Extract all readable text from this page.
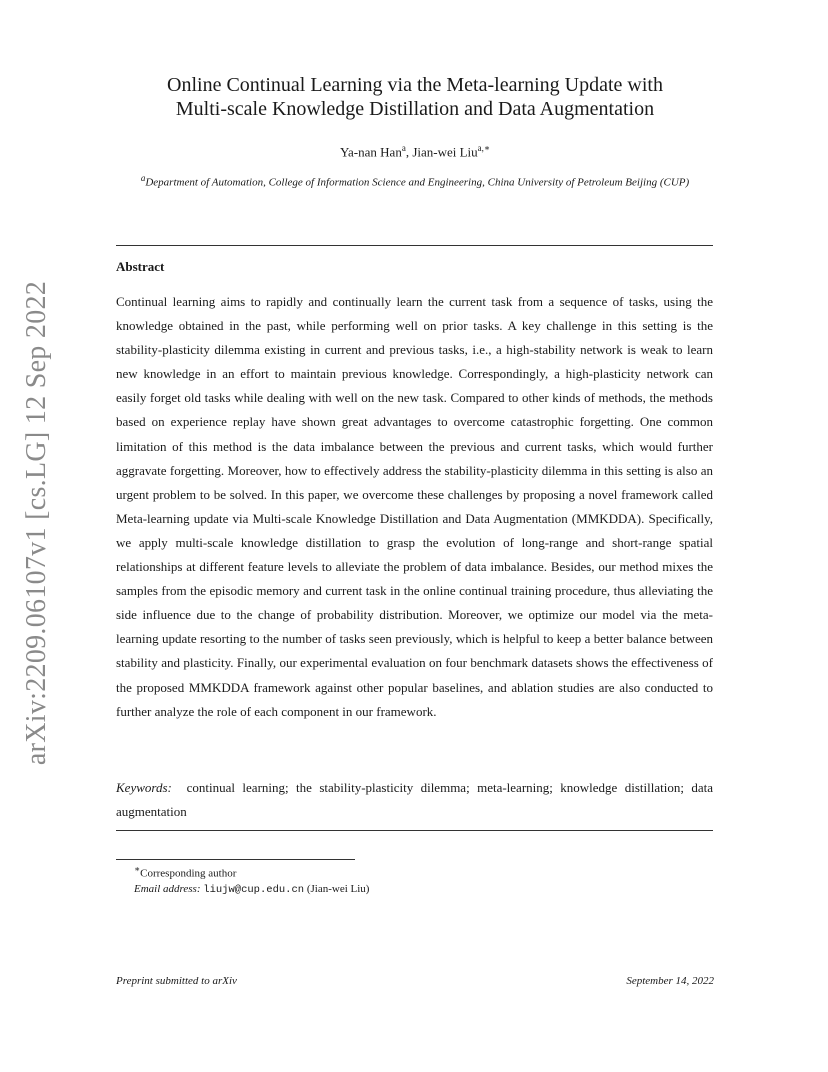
arXiv:2209.06107v1 [cs.LG] 12 Sep 2022
Online Continual Learning via the Meta-learning Update with
Multi-scale Knowledge Distillation and Data Augmentation
Ya-nan Han$^a$, Jian-wei Liu$^{a,∗}$
$^a$Department of Automation, College of Information Science and Engineering, China University of Petroleum Beijing (CUP)
Abstract

Continual learning aims to rapidly and continually learn the current task from a sequence of tasks, using the knowledge obtained in the past, while performing well on prior tasks. A key challenge in this setting is the stability-plasticity dilemma existing in current and previous tasks, i.e., a high-stability network is weak to learn new knowledge in an effort to maintain previous knowledge. Correspondingly, a high-plasticity network can easily forget old tasks while dealing with well on the new task. Compared to other kinds of methods, the methods based on experience replay have shown great advantages to overcome catastrophic forgetting. One common limitation of this method is the data imbalance between the previous and current tasks, which would further aggravate forgetting. Moreover, how to effectively address the stability-plasticity dilemma in this setting is also an urgent problem to be solved. In this paper, we overcome these challenges by proposing a novel framework called Meta-learning update via Multi-scale Knowledge Distillation and Data Augmentation (MMKDDA). Specifically, we apply multi-scale knowledge distillation to grasp the evolution of long-range and short-range spatial relationships at different feature levels to alleviate the problem of data imbalance. Besides, our method mixes the samples from the episodic memory and current task in the online continual training procedure, thus alleviating the side influence due to the change of probability distribution. Moreover, we optimize our model via the meta-learning update resorting to the number of tasks seen previously, which is helpful to keep a better balance between stability and plasticity. Finally, our experimental evaluation on four benchmark datasets shows the effectiveness of the proposed MMKDDA framework against other popular baselines, and ablation studies are also conducted to further analyze the role of each component in our framework.

Keywords: continual learning; the stability-plasticity dilemma; meta-learning; knowledge distillation; data augmentation

∗Corresponding author
Email address: liujw@cup.edu.cn (Jian-wei Liu)
Preprint submitted to arXiv	September 14, 2022
